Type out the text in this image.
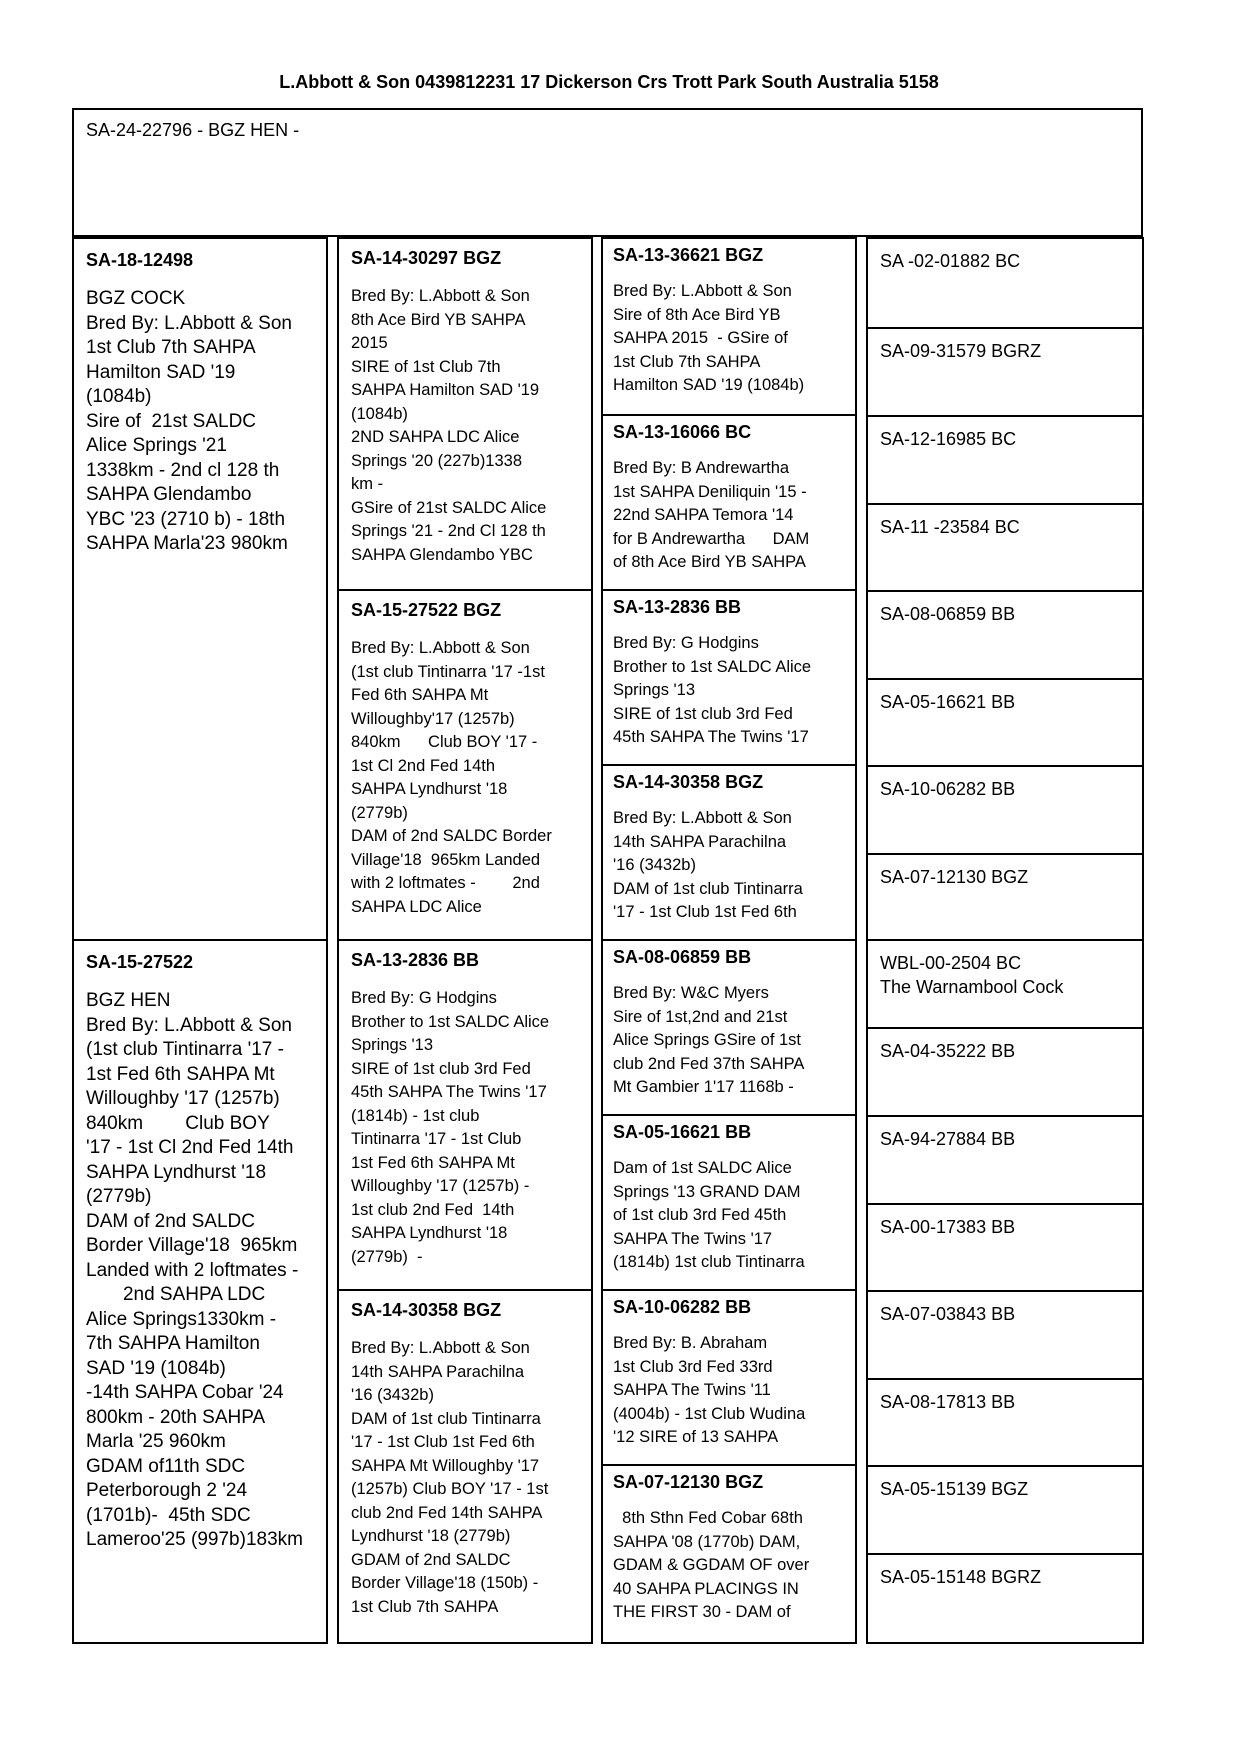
L.Abbott & Son 0439812231 17 Dickerson Crs Trott Park South Australia 5158
SA-24-22796 - BGZ HEN -
SA-18-12498
BGZ COCK
Bred By: L.Abbott & Son
1st Club 7th SAHPA
Hamilton SAD '19
(1084b)
Sire of  21st SALDC
Alice Springs '21
1338km - 2nd cl 128 th
SAHPA Glendambo
YBC '23 (2710 b) - 18th
SAHPA Marla'23 980km
SA-15-27522
BGZ HEN
Bred By: L.Abbott & Son
(1st club Tintinarra '17 -
1st Fed 6th SAHPA Mt
Willoughby '17 (1257b)
840km        Club BOY
'17 - 1st Cl 2nd Fed 14th
SAHPA Lyndhurst '18
(2779b)
DAM of 2nd SALDC
Border Village'18  965km
Landed with 2 loftmates -
2nd SAHPA LDC
Alice Springs1330km -
7th SAHPA Hamilton
SAD '19 (1084b)
-14th SAHPA Cobar '24
800km - 20th SAHPA
Marla '25 960km
GDAM of11th SDC
Peterborough 2 '24
(1701b)-  45th SDC
Lameroo'25 (997b)183km
SA-14-30297 BGZ
Bred By: L.Abbott & Son
8th Ace Bird YB SAHPA
2015
SIRE of 1st Club 7th
SAHPA Hamilton SAD '19
(1084b)
2ND SAHPA LDC Alice
Springs '20 (227b)1338
km -
GSire of 21st SALDC Alice
Springs '21 - 2nd Cl 128 th
SAHPA Glendambo YBC
SA-15-27522 BGZ
Bred By: L.Abbott & Son
(1st club Tintinarra '17 -1st
Fed 6th SAHPA Mt
Willoughby'17 (1257b)
840km      Club BOY '17 -
1st Cl 2nd Fed 14th
SAHPA Lyndhurst '18
(2779b)
DAM of 2nd SALDC Border
Village'18  965km Landed
with 2 loftmates -        2nd
SAHPA LDC Alice
SA-13-2836 BB
Bred By: G Hodgins
Brother to 1st SALDC Alice
Springs '13
SIRE of 1st club 3rd Fed
45th SAHPA The Twins '17
(1814b) - 1st club
Tintinarra '17 - 1st Club
1st Fed 6th SAHPA Mt
Willoughby '17 (1257b) -
1st club 2nd Fed  14th
SAHPA Lyndhurst '18
(2779b)  -
SA-14-30358 BGZ
Bred By: L.Abbott & Son
14th SAHPA Parachilna
'16 (3432b)
DAM of 1st club Tintinarra
'17 - 1st Club 1st Fed 6th
SAHPA Mt Willoughby '17
(1257b) Club BOY '17 - 1st
club 2nd Fed 14th SAHPA
Lyndhurst '18 (2779b)
GDAM of 2nd SALDC
Border Village'18 (150b) -
1st Club 7th SAHPA
SA-13-36621 BGZ
Bred By: L.Abbott & Son
Sire of 8th Ace Bird YB
SAHPA 2015  - GSire of
1st Club 7th SAHPA
Hamilton SAD '19 (1084b)
SA-13-16066 BC
Bred By: B Andrewartha
1st SAHPA Deniliquin '15 -
22nd SAHPA Temora '14
for B Andrewartha      DAM
of 8th Ace Bird YB SAHPA
SA-13-2836 BB
Bred By: G Hodgins
Brother to 1st SALDC Alice
Springs '13
SIRE of 1st club 3rd Fed
45th SAHPA The Twins '17
SA-14-30358 BGZ
Bred By: L.Abbott & Son
14th SAHPA Parachilna
'16 (3432b)
DAM of 1st club Tintinarra
'17 - 1st Club 1st Fed 6th
SA-08-06859 BB
Bred By: W&C Myers
Sire of 1st,2nd and 21st
Alice Springs GSire of 1st
club 2nd Fed 37th SAHPA
Mt Gambier 1'17 1168b -
SA-05-16621 BB
Dam of 1st SALDC Alice
Springs '13 GRAND DAM
of 1st club 3rd Fed 45th
SAHPA The Twins '17
(1814b) 1st club Tintinarra
SA-10-06282 BB
Bred By: B. Abraham
1st Club 3rd Fed 33rd
SAHPA The Twins '11
(4004b) - 1st Club Wudina
'12 SIRE of 13 SAHPA
SA-07-12130 BGZ
8th Sthn Fed Cobar 68th
SAHPA '08 (1770b) DAM,
GDAM & GGDAM OF over
40 SAHPA PLACINGS IN
THE FIRST 30 - DAM of
SA -02-01882 BC
SA-09-31579 BGRZ
SA-12-16985 BC
SA-11 -23584 BC
SA-08-06859 BB
SA-05-16621 BB
SA-10-06282 BB
SA-07-12130 BGZ
WBL-00-2504 BC
The Warnambool Cock
SA-04-35222 BB
SA-94-27884 BB
SA-00-17383 BB
SA-07-03843 BB
SA-08-17813 BB
SA-05-15139 BGZ
SA-05-15148 BGRZ
